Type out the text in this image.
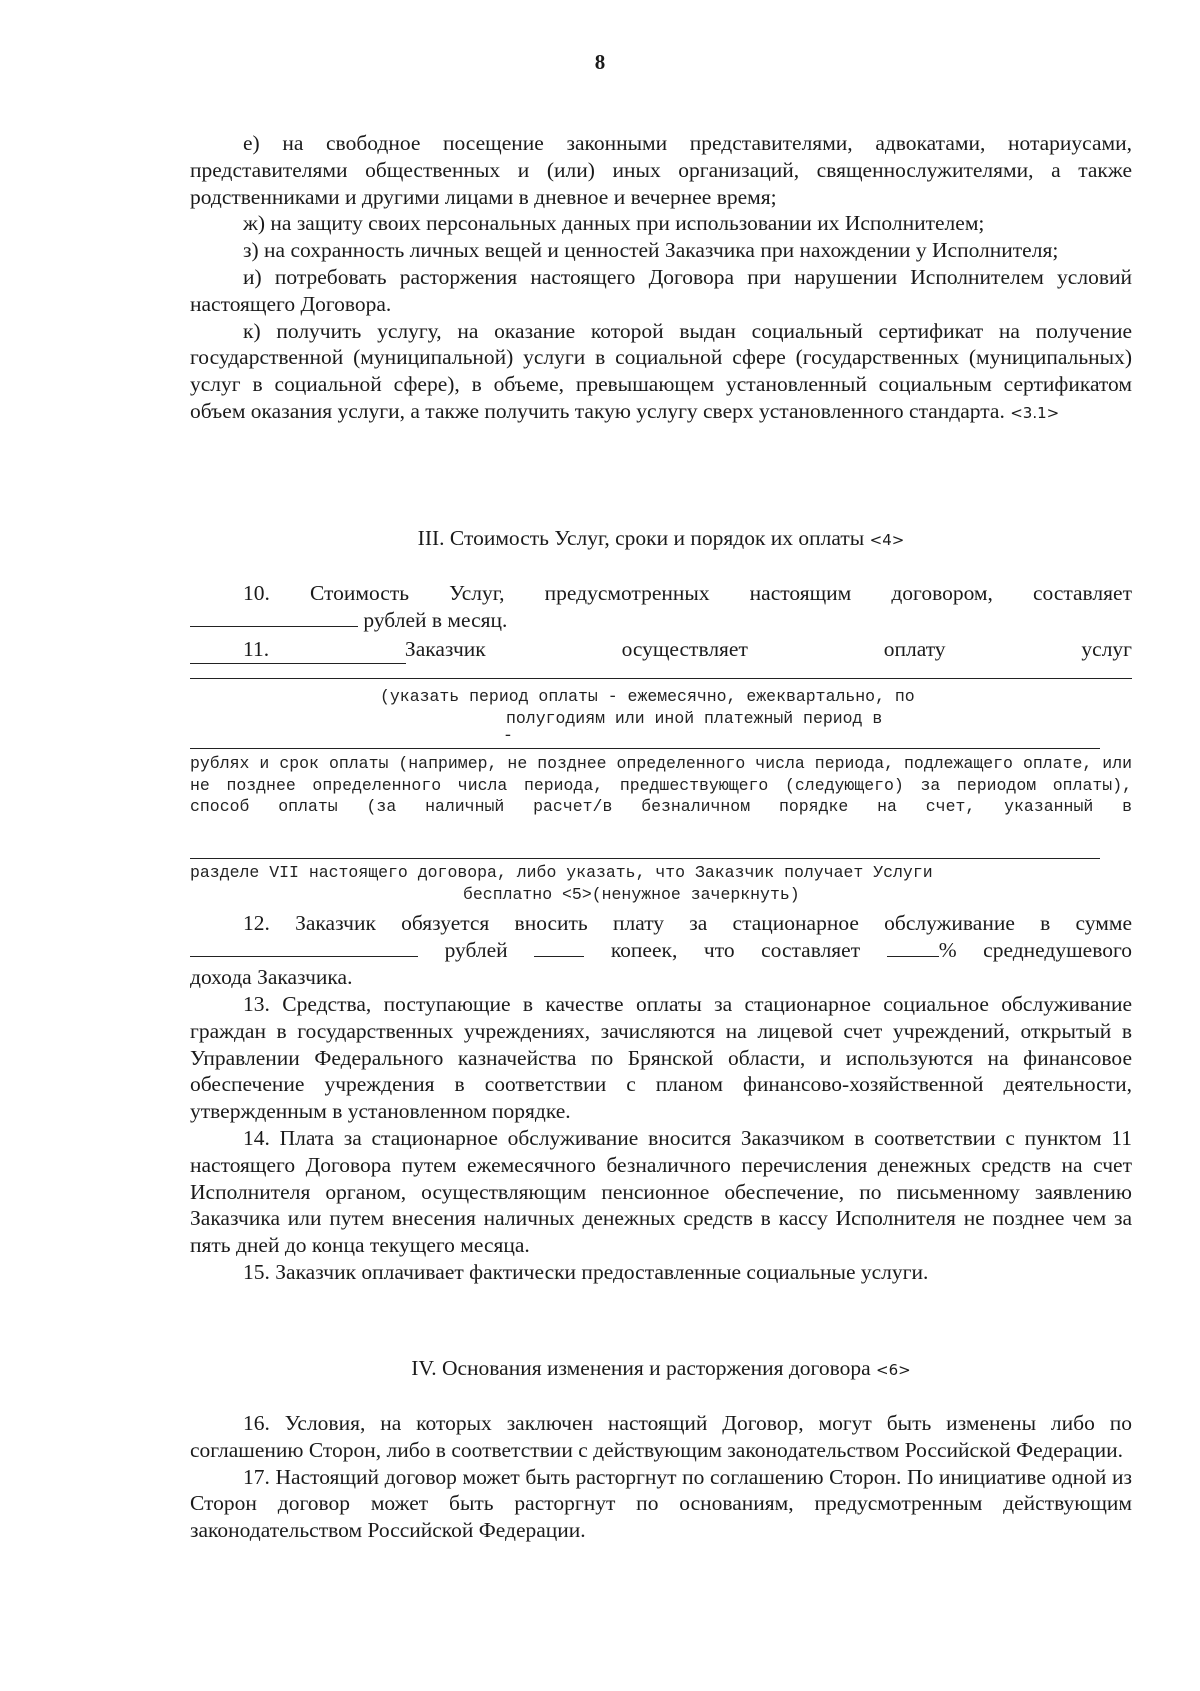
8

е) на свободное посещение законными представителями, адвокатами, нотариусами, представителями общественных и (или) иных организаций, священнослужителями, а также родственниками и другими лицами в дневное и вечернее время;

ж) на защиту своих персональных данных при использовании их Исполнителем;

з) на сохранность личных вещей и ценностей Заказчика при нахождении у Исполнителя;

и) потребовать расторжения настоящего Договора при нарушении Исполнителем условий настоящего Договора.

к) получить услугу, на оказание которой выдан социальный сертификат на получение государственной (муниципальной) услуги в социальной сфере (государственных (муниципальных) услуг в социальной сфере), в объеме, превышающем установленный социальным сертификатом объем оказания услуги, а также получить такую услугу сверх установленного стандарта. <3.1>

III. Стоимость Услуг, сроки и порядок их оплаты <4>

10. Стоимость Услуг, предусмотренных настоящим договором, составляет

рублей в месяц.

11.	Заказчик	осуществляет	оплату	услуг
(указать период оплаты - ежемесячно, ежеквартально, по
полугодиям или иной платежный период в
-
рублях и срок оплаты (например, не позднее определенного числа периода, подлежащего оплате, или не позднее определенного числа периода, предшествующего (следующего) за периодом оплаты), способ оплаты (за наличный расчет/в безналичном порядке на счет, указанный в
разделе VII настоящего договора, либо указать, что Заказчик получает Услуги
бесплатно <5>(ненужное зачеркнуть)

12. Заказчик обязуется вносить плату за стационарное обслуживание в сумме

рублей	копеек, что составляет	% среднедушевого

дохода Заказчика.

13. Средства, поступающие в качестве оплаты за стационарное социальное обслуживание граждан в государственных учреждениях, зачисляются на лицевой счет учреждений, открытый в Управлении Федерального казначейства по Брянской области, и используются на финансовое обеспечение учреждения в соответствии с планом финансово-хозяйственной деятельности, утвержденным в установленном порядке.

14. Плата за стационарное обслуживание вносится Заказчиком в соответствии с пунктом 11 настоящего Договора путем ежемесячного безналичного перечисления денежных средств на счет Исполнителя органом, осуществляющим пенсионное обеспечение, по письменному заявлению Заказчика или путем внесения наличных денежных средств в кассу Исполнителя не позднее чем за пять дней до конца текущего месяца.

15. Заказчик оплачивает фактически предоставленные социальные услуги.

IV. Основания изменения и расторжения договора <6>

16. Условия, на которых заключен настоящий Договор, могут быть изменены либо по соглашению Сторон, либо в соответствии с действующим законодательством Российской Федерации.

17. Настоящий договор может быть расторгнут по соглашению Сторон. По инициативе одной из Сторон договор может быть расторгнут по основаниям, предусмотренным действующим законодательством Российской Федерации.
